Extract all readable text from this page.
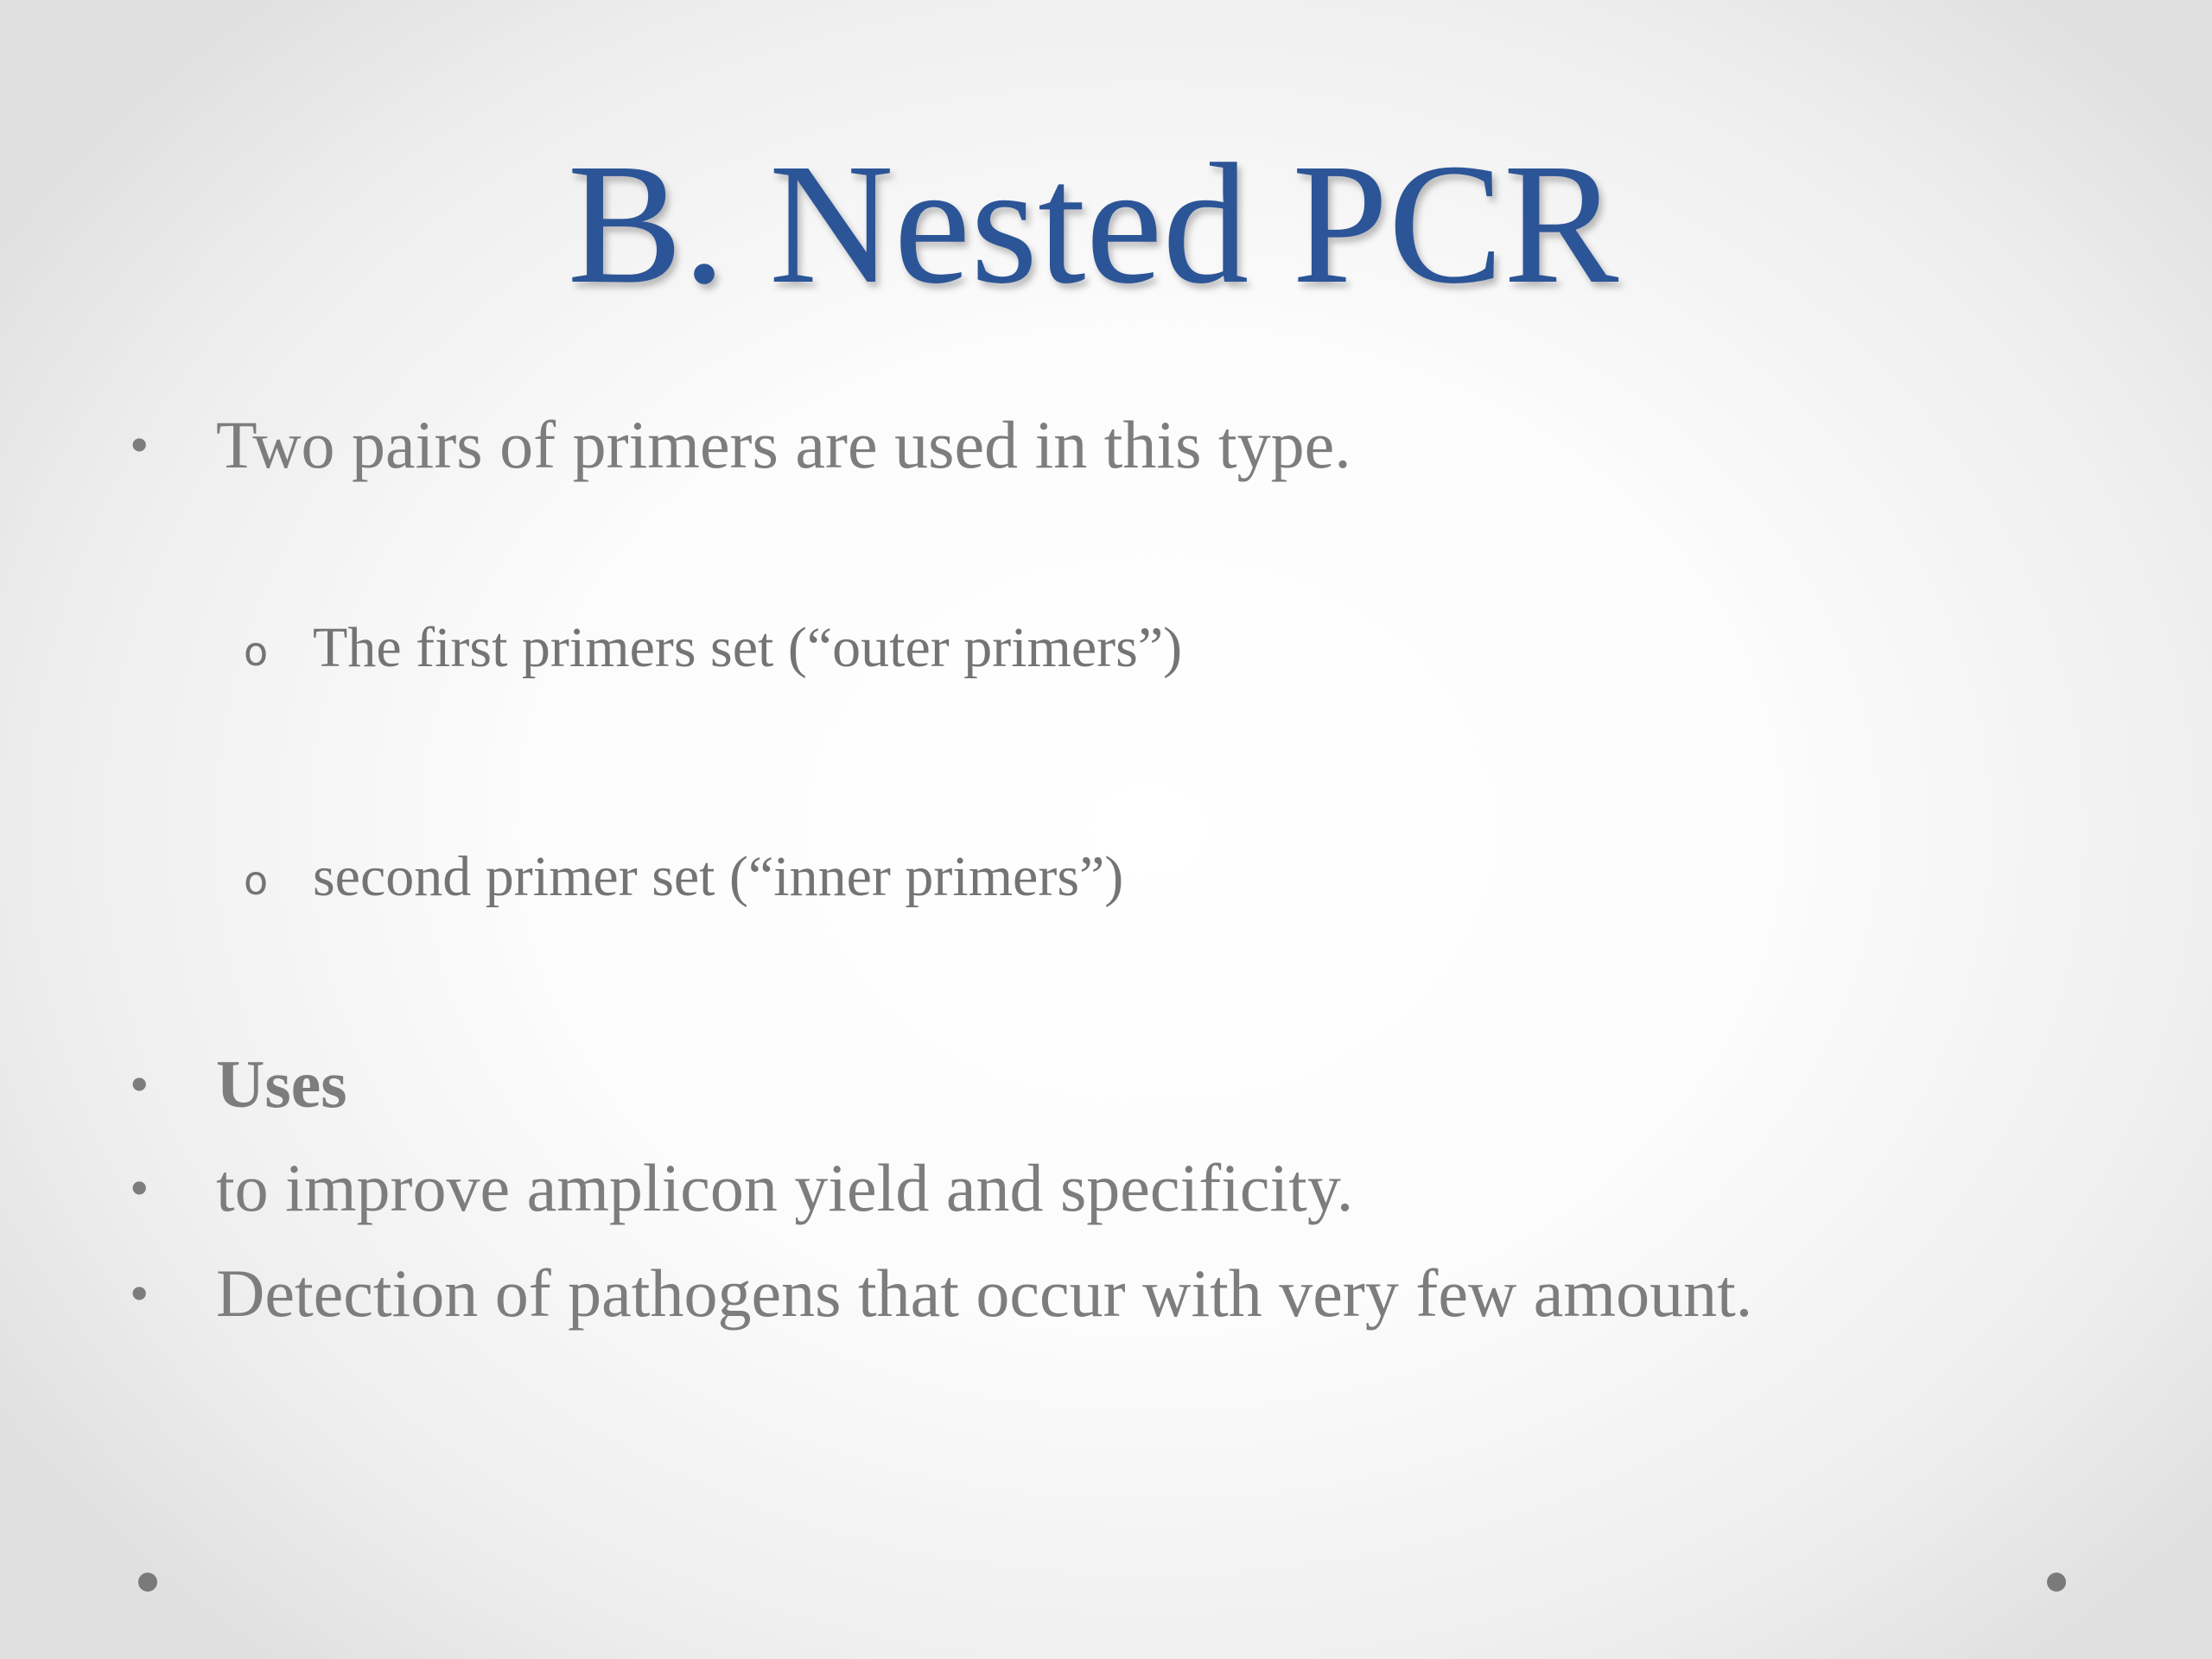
B. Nested PCR
• Two pairs of primers are used in this type.
o The first primers set (“outer primers”)
o second primer set (“inner primers”)
• Uses
• to improve amplicon yield and specificity.
• Detection of pathogens that occur with very few amount.
